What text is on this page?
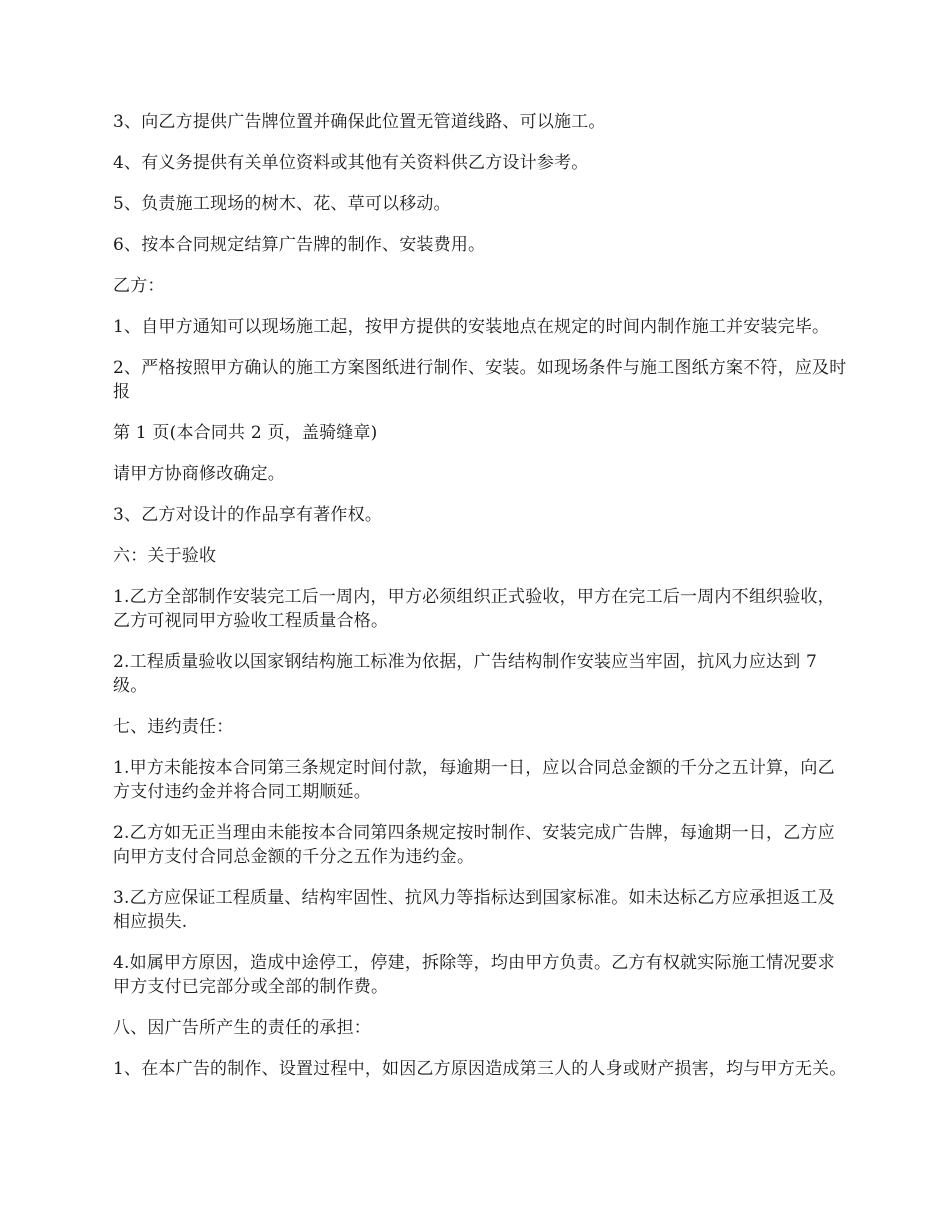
3、向乙方提供广告牌位置并确保此位置无管道线路、可以施工。

4、有义务提供有关单位资料或其他有关资料供乙方设计参考。

5、负责施工现场的树木、花、草可以移动。

6、按本合同规定结算广告牌的制作、安装费用。

乙方：

1、自甲方通知可以现场施工起，按甲方提供的安装地点在规定的时间内制作施工并安装完毕。

2、严格按照甲方确认的施工方案图纸进行制作、安装。如现场条件与施工图纸方案不符，应及时报

第 1 页(本合同共 2 页，盖骑缝章)

请甲方协商修改确定。

3、乙方对设计的作品享有著作权。

六：关于验收

1.乙方全部制作安装完工后一周内，甲方必须组织正式验收，甲方在完工后一周内不组织验收，乙方可视同甲方验收工程质量合格。

2.工程质量验收以国家钢结构施工标准为依据，广告结构制作安装应当牢固，抗风力应达到 7 级。

七、违约责任：

1.甲方未能按本合同第三条规定时间付款，每逾期一日，应以合同总金额的千分之五计算，向乙方支付违约金并将合同工期顺延。

2.乙方如无正当理由未能按本合同第四条规定按时制作、安装完成广告牌，每逾期一日，乙方应向甲方支付合同总金额的千分之五作为违约金。

3.乙方应保证工程质量、结构牢固性、抗风力等指标达到国家标准。如未达标乙方应承担返工及相应损失.

4.如属甲方原因，造成中途停工，停建，拆除等，均由甲方负责。乙方有权就实际施工情况要求甲方支付已完部分或全部的制作费。

八、因广告所产生的责任的承担：

1、在本广告的制作、设置过程中，如因乙方原因造成第三人的人身或财产损害，均与甲方无关。
